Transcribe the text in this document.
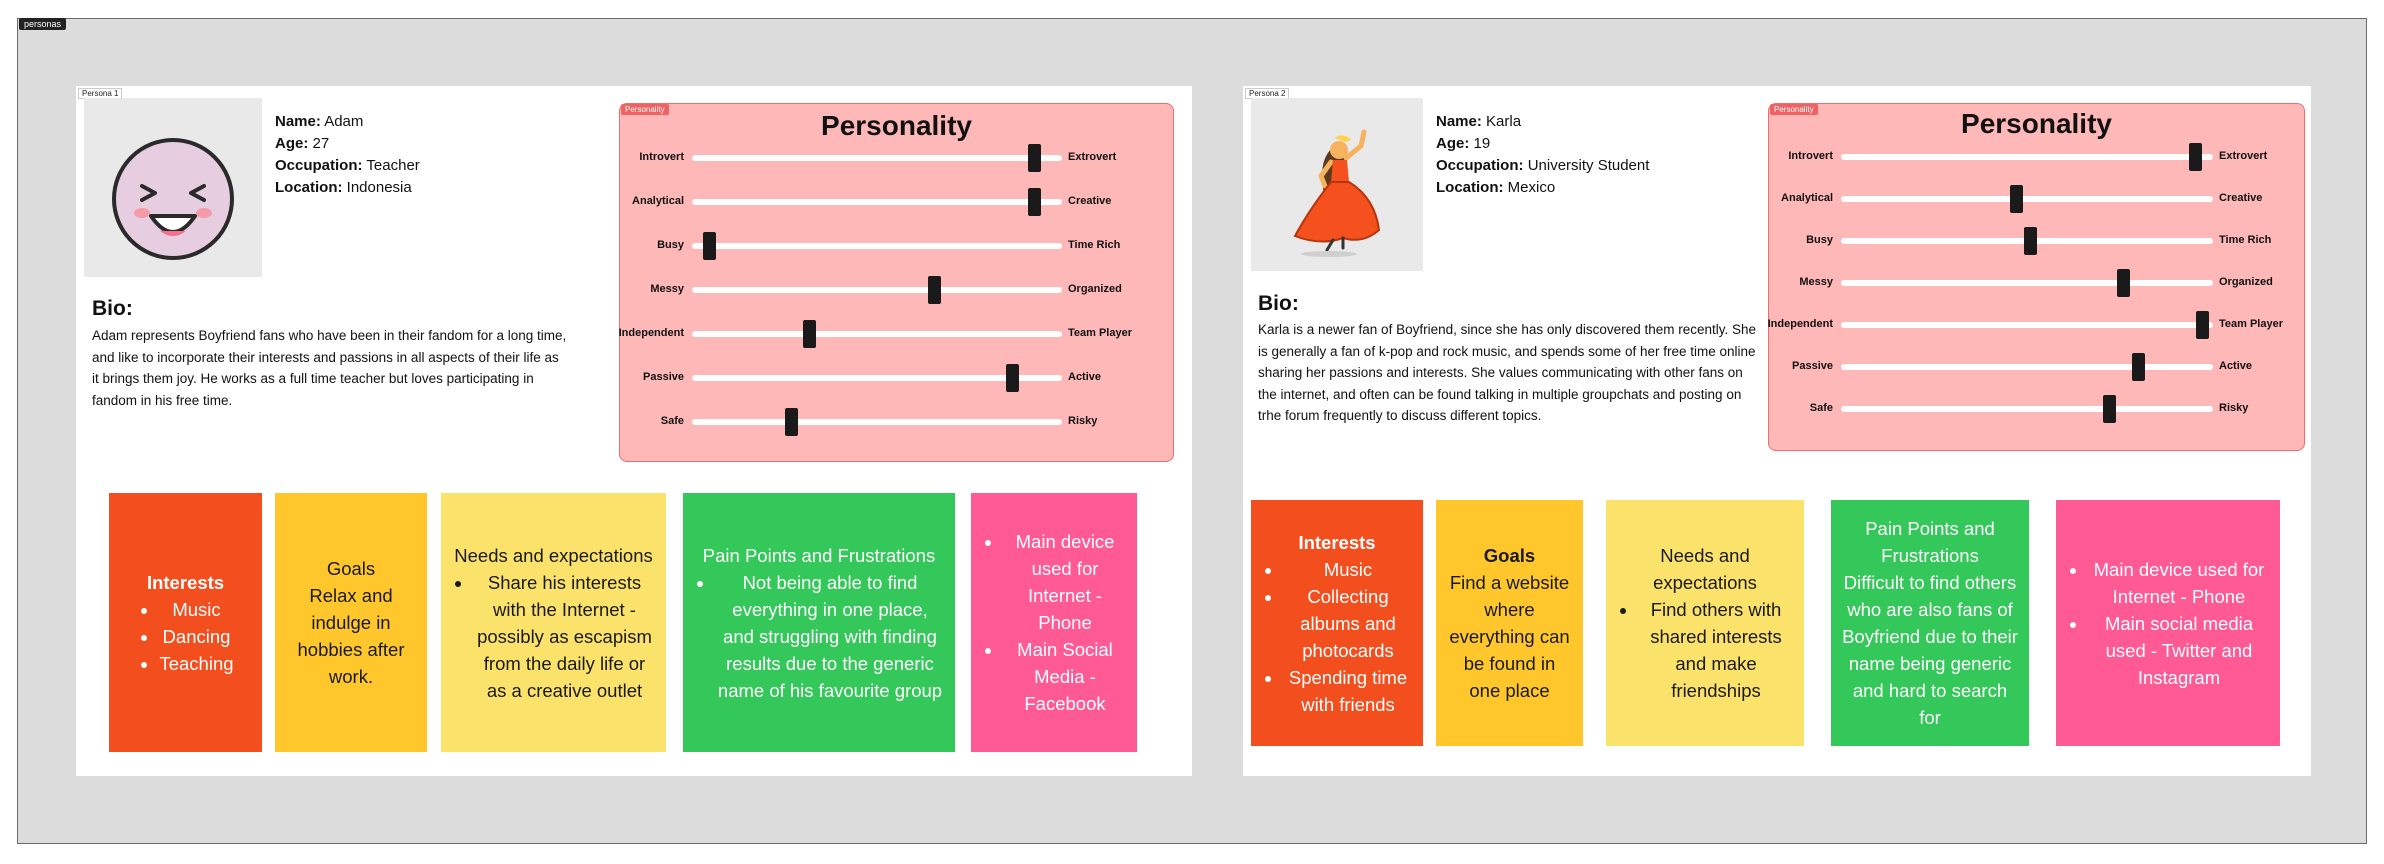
personas
Persona 1
Name: Adam
Age: 27
Occupation: Teacher
Location: Indonesia
Bio:
Adam represents Boyfriend fans who have been in their fandom for a long time, and like to incorporate their interests and passions in all aspects of their life as it brings them joy. He works as a full time teacher but loves participating in fandom in his free time.
Personality
Personality
Introvert	Extrovert
Analytical	Creative
Busy	Time Rich
Messy	Organized
Independent	Team Player
Passive	Active
Safe	Risky
Interests
• Music
• Dancing
• Teaching
Goals
Relax and indulge in hobbies after work.
Needs and expectations
• Share his interests with the Internet - possibly as escapism from the daily life or as a creative outlet
Pain Points and Frustrations
• Not being able to find everything in one place, and struggling with finding results due to the generic name of his favourite group
• Main device used for Internet - Phone
• Main Social Media - Facebook
Persona 2
Name: Karla
Age: 19
Occupation: University Student
Location: Mexico
Bio:
Karla is a newer fan of Boyfriend, since she has only discovered them recently. She is generally a fan of k-pop and rock music, and spends some of her free time online sharing her passions and interests. She values communicating with other fans on the internet, and often can be found talking in multiple groupchats and posting on trhe forum frequently to discuss different topics.
Personality	Personality
Introvert	Extrovert
Analytical	Creative
Busy	Time Rich
Messy	Organized
Independent	Team Player
Passive	Active
Safe	Risky
Interests
• Music
• Collecting albums and photocards
• Spending time with friends
Goals
Find a website where everything can be found in one place
Needs and expectations
• Find others with shared interests and make friendships
Pain Points and Frustrations
Difficult to find others who are also fans of Boyfriend due to their name being generic and hard to search for
• Main device used for Internet - Phone
• Main social media used - Twitter and Instagram
